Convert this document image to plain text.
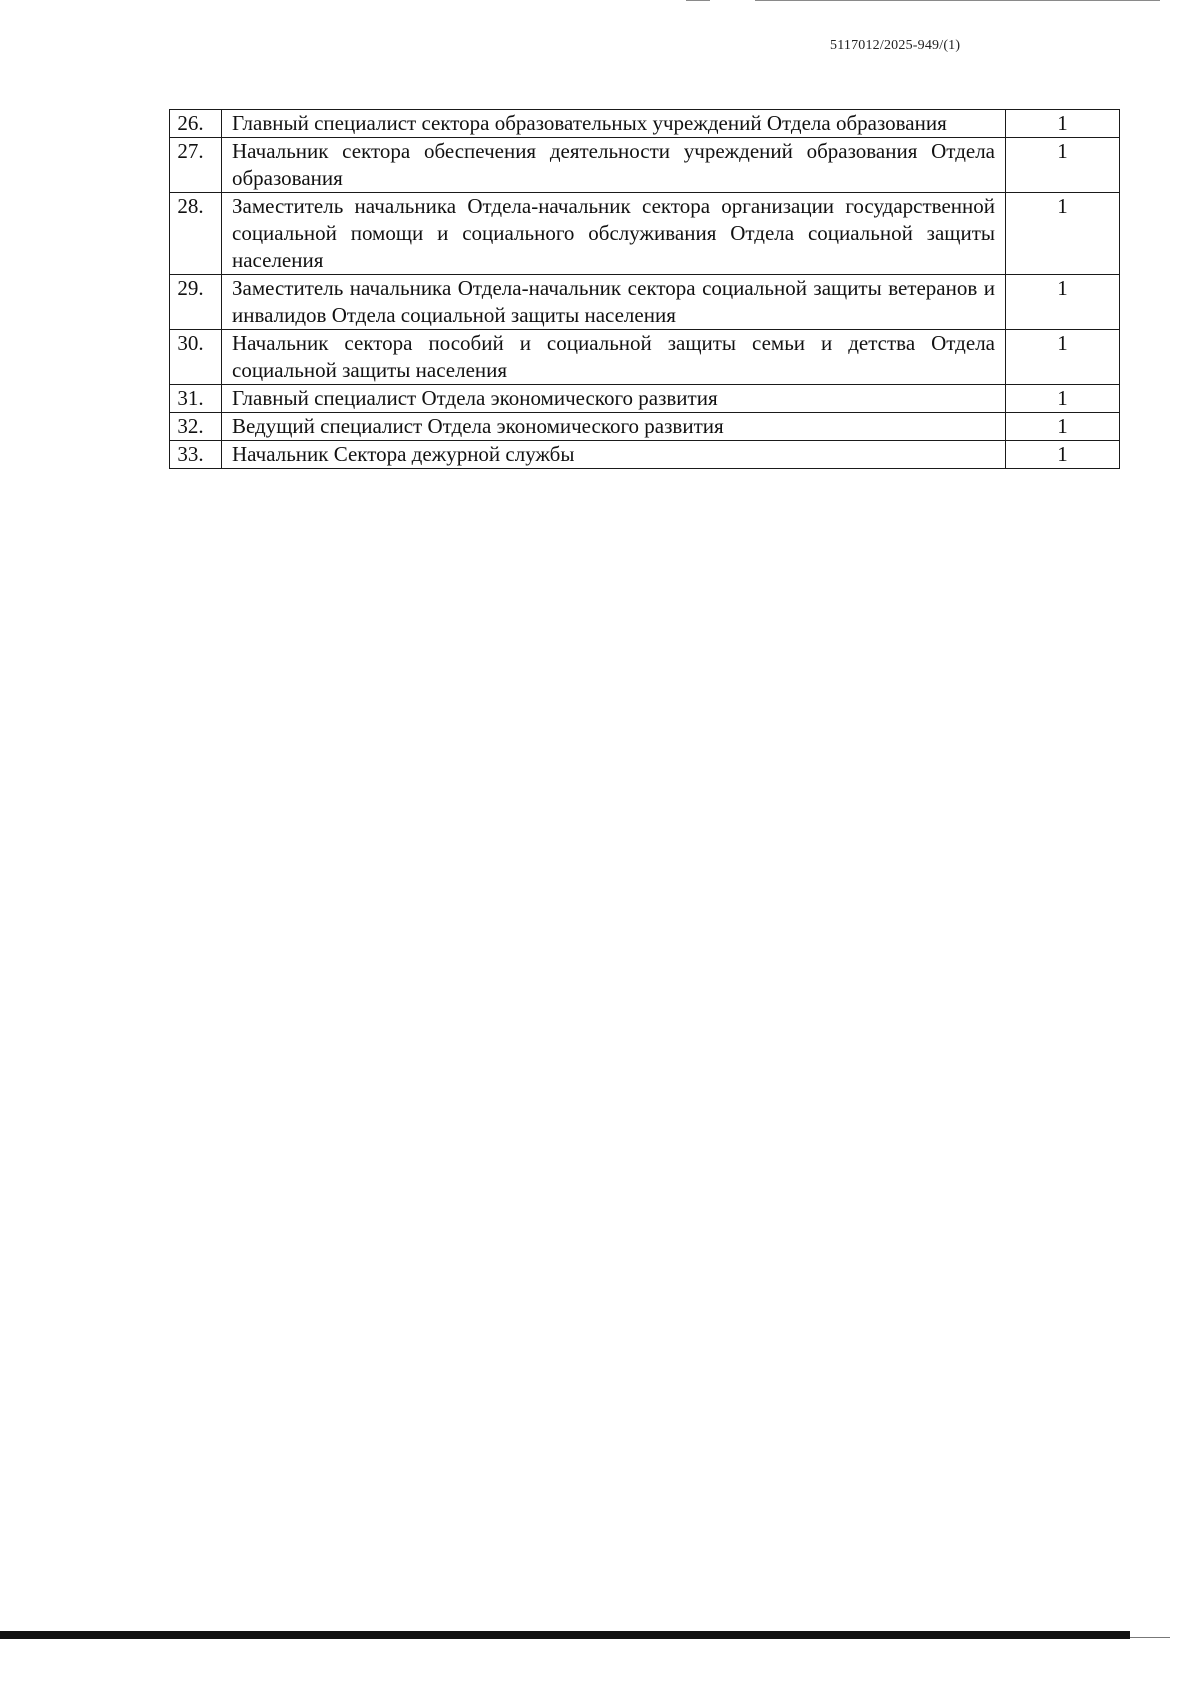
5117012/2025-949/(1)
26.	Главный специалист сектора образовательных учреждений Отдела образования	1
27.	Начальник сектора обеспечения деятельности учреждений образования Отдела образования	1
28.	Заместитель начальника Отдела-начальник сектора организации государственной социальной помощи и социального обслуживания Отдела социальной защиты населения	1
29.	Заместитель начальника Отдела-начальник сектора социальной защиты ветеранов и инвалидов Отдела социальной защиты населения	1
30.	Начальник сектора пособий и социальной защиты семьи и детства Отдела социальной защиты населения	1
31.	Главный специалист Отдела экономического развития	1
32.	Ведущий специалист Отдела экономического развития	1
33.	Начальник Сектора дежурной службы	1
